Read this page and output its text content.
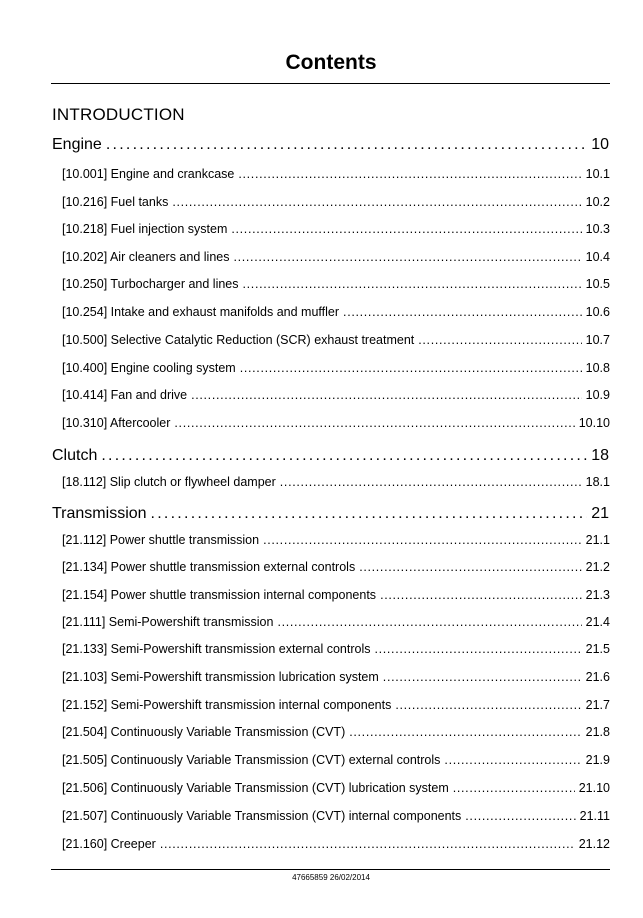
Contents
INTRODUCTION
Engine . . .	10
[10.001] Engine and crankcase . . .	10.1
[10.216] Fuel tanks . . .	10.2
[10.218] Fuel injection system . . .	10.3
[10.202] Air cleaners and lines . . .	10.4
[10.250] Turbocharger and lines . . .	10.5
[10.254] Intake and exhaust manifolds and muffler . . .	10.6
[10.500] Selective Catalytic Reduction (SCR) exhaust treatment . . .	10.7
[10.400] Engine cooling system . . .	10.8
[10.414] Fan and drive . . .	10.9
[10.310] Aftercooler . . .	10.10
Clutch . . .	18
[18.112] Slip clutch or flywheel damper . . .	18.1
Transmission . . .	21
[21.112] Power shuttle transmission . . .	21.1
[21.134] Power shuttle transmission external controls . . .	21.2
[21.154] Power shuttle transmission internal components . . .	21.3
[21.111] Semi-Powershift transmission . . .	21.4
[21.133] Semi-Powershift transmission external controls . . .	21.5
[21.103] Semi-Powershift transmission lubrication system . . .	21.6
[21.152] Semi-Powershift transmission internal components . . .	21.7
[21.504] Continuously Variable Transmission (CVT) . . .	21.8
[21.505] Continuously Variable Transmission (CVT) external controls . . .	21.9
[21.506] Continuously Variable Transmission (CVT) lubrication system . . .	21.10
[21.507] Continuously Variable Transmission (CVT) internal components . . .	21.11
[21.160] Creeper . . .	21.12
47665859 26/02/2014
